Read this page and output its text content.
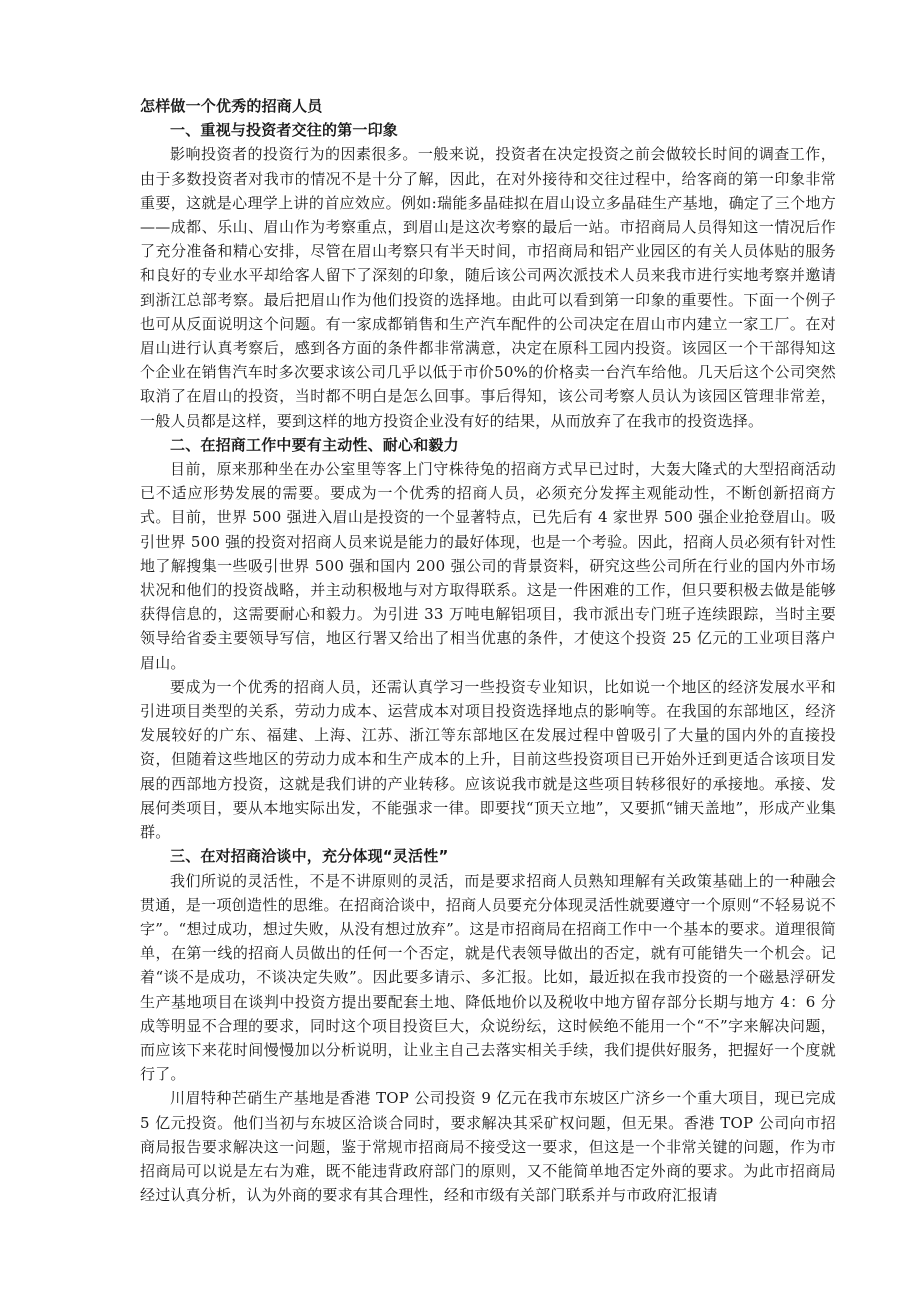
怎样做一个优秀的招商人员

一、重视与投资者交往的第一印象

影响投资者的投资行为的因素很多。一般来说，投资者在决定投资之前会做较长时间的调查工作，由于多数投资者对我市的情况不是十分了解，因此，在对外接待和交往过程中，给客商的第一印象非常重要，这就是心理学上讲的首应效应。例如:瑞能多晶硅拟在眉山设立多晶硅生产基地，确定了三个地方——成都、乐山、眉山作为考察重点，到眉山是这次考察的最后一站。市招商局人员得知这一情况后作了充分准备和精心安排，尽管在眉山考察只有半天时间，市招商局和铝产业园区的有关人员体贴的服务和良好的专业水平却给客人留下了深刻的印象，随后该公司两次派技术人员来我市进行实地考察并邀请到浙江总部考察。最后把眉山作为他们投资的选择地。由此可以看到第一印象的重要性。下面一个例子也可从反面说明这个问题。有一家成都销售和生产汽车配件的公司决定在眉山市内建立一家工厂。在对眉山进行认真考察后，感到各方面的条件都非常满意，决定在原科工园内投资。该园区一个干部得知这个企业在销售汽车时多次要求该公司几乎以低于市价50%的价格卖一台汽车给他。几天后这个公司突然取消了在眉山的投资，当时都不明白是怎么回事。事后得知，该公司考察人员认为该园区管理非常差，一般人员都是这样，要到这样的地方投资企业没有好的结果，从而放弃了在我市的投资选择。

二、在招商工作中要有主动性、耐心和毅力

目前，原来那种坐在办公室里等客上门守株待兔的招商方式早已过时，大轰大隆式的大型招商活动已不适应形势发展的需要。要成为一个优秀的招商人员，必须充分发挥主观能动性，不断创新招商方式。目前，世界 500 强进入眉山是投资的一个显著特点，已先后有 4 家世界 500 强企业抢登眉山。吸引世界 500 强的投资对招商人员来说是能力的最好体现，也是一个考验。因此，招商人员必须有针对性地了解搜集一些吸引世界 500 强和国内 200 强公司的背景资料，研究这些公司所在行业的国内外市场状况和他们的投资战略，并主动积极地与对方取得联系。这是一件困难的工作，但只要积极去做是能够获得信息的，这需要耐心和毅力。为引进 33 万吨电解铝项目，我市派出专门班子连续跟踪，当时主要领导给省委主要领导写信，地区行署又给出了相当优惠的条件，才使这个投资 25 亿元的工业项目落户眉山。

要成为一个优秀的招商人员，还需认真学习一些投资专业知识，比如说一个地区的经济发展水平和引进项目类型的关系，劳动力成本、运营成本对项目投资选择地点的影响等。在我国的东部地区，经济发展较好的广东、福建、上海、江苏、浙江等东部地区在发展过程中曾吸引了大量的国内外的直接投资，但随着这些地区的劳动力成本和生产成本的上升，目前这些投资项目已开始外迁到更适合该项目发展的西部地方投资，这就是我们讲的产业转移。应该说我市就是这些项目转移很好的承接地。承接、发展何类项目，要从本地实际出发，不能强求一律。即要找“顶天立地”，又要抓“铺天盖地”，形成产业集群。

三、在对招商洽谈中，充分体现“灵活性”

我们所说的灵活性，不是不讲原则的灵活，而是要求招商人员熟知理解有关政策基础上的一种融会贯通，是一项创造性的思维。在招商洽谈中，招商人员要充分体现灵活性就要遵守一个原则“不轻易说不字”。“想过成功，想过失败，从没有想过放弃”。这是市招商局在招商工作中一个基本的要求。道理很简单，在第一线的招商人员做出的任何一个否定，就是代表领导做出的否定，就有可能错失一个机会。记着“谈不是成功，不谈决定失败”。因此要多请示、多汇报。比如，最近拟在我市投资的一个磁悬浮研发生产基地项目在谈判中投资方提出要配套土地、降低地价以及税收中地方留存部分长期与地方 4：6 分成等明显不合理的要求，同时这个项目投资巨大，众说纷纭，这时候绝不能用一个“不”字来解决问题，而应该下来花时间慢慢加以分析说明，让业主自己去落实相关手续，我们提供好服务，把握好一个度就行了。

川眉特种芒硝生产基地是香港 TOP 公司投资 9 亿元在我市东坡区广济乡一个重大项目，现已完成 5 亿元投资。他们当初与东坡区洽谈合同时，要求解决其采矿权问题，但无果。香港 TOP 公司向市招商局报告要求解决这一问题，鉴于常规市招商局不接受这一要求，但这是一个非常关键的问题，作为市招商局可以说是左右为难，既不能违背政府部门的原则，又不能简单地否定外商的要求。为此市招商局经过认真分析，认为外商的要求有其合理性，经和市级有关部门联系并与市政府汇报请
